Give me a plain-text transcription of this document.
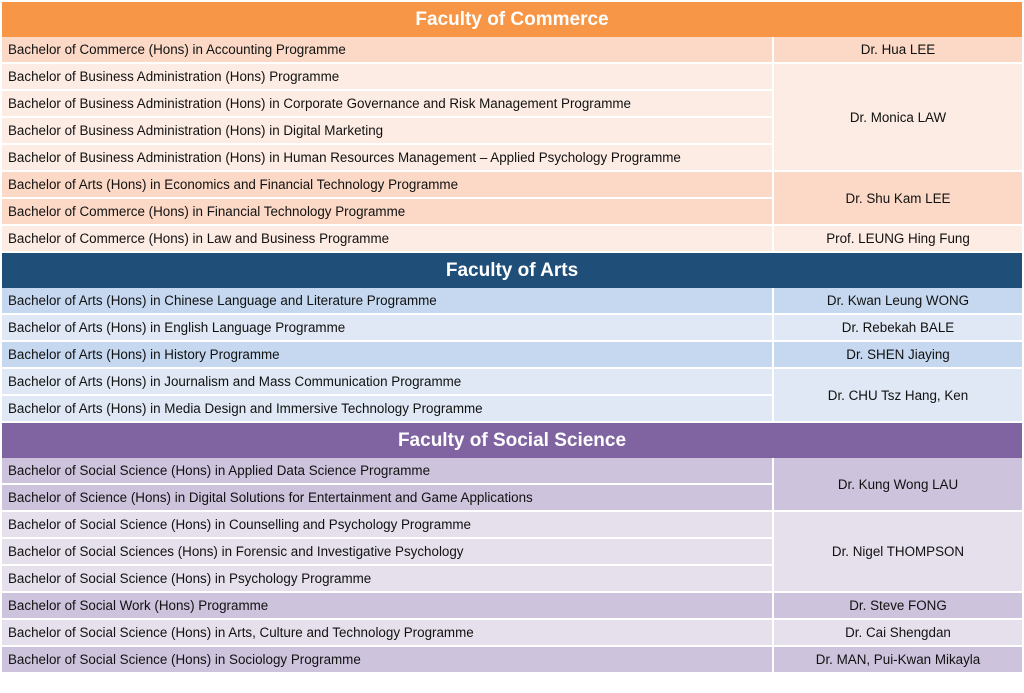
Faculty of Commerce	
Bachelor of Commerce (Hons) in Accounting Programme	Dr. Hua LEE
Bachelor of Business Administration (Hons) Programme	Dr. Monica LAW
Bachelor of Business Administration (Hons) in Corporate Governance and Risk Management Programme	
Bachelor of Business Administration (Hons) in Digital Marketing	
Bachelor of Business Administration (Hons) in Human Resources Management – Applied Psychology Programme	
Bachelor of Arts (Hons) in Economics and Financial Technology Programme	Dr. Shu Kam LEE
Bachelor of Commerce (Hons) in Financial Technology Programme	
Bachelor of Commerce (Hons) in Law and Business Programme	Prof. LEUNG Hing Fung
Faculty of Arts	
Bachelor of Arts (Hons) in Chinese Language and Literature Programme	Dr. Kwan Leung WONG
Bachelor of Arts (Hons) in English Language Programme	Dr. Rebekah BALE
Bachelor of Arts (Hons) in History Programme	Dr. SHEN Jiaying
Bachelor of Arts (Hons) in Journalism and Mass Communication Programme	Dr. CHU Tsz Hang, Ken
Bachelor of Arts (Hons) in Media Design and Immersive Technology Programme	
Faculty of Social Science	
Bachelor of Social Science (Hons) in Applied Data Science Programme	Dr. Kung Wong LAU
Bachelor of Science (Hons) in Digital Solutions for Entertainment and Game Applications	
Bachelor of Social Science (Hons) in Counselling and Psychology Programme	Dr. Nigel THOMPSON
Bachelor of Social Sciences (Hons) in Forensic and Investigative Psychology	
Bachelor of Social Science (Hons) in Psychology Programme	
Bachelor of Social Work (Hons) Programme	Dr. Steve FONG
Bachelor of Social Science (Hons) in Arts, Culture and Technology Programme	Dr. Cai Shengdan
Bachelor of Social Science (Hons) in Sociology Programme	Dr. MAN, Pui-Kwan Mikayla
